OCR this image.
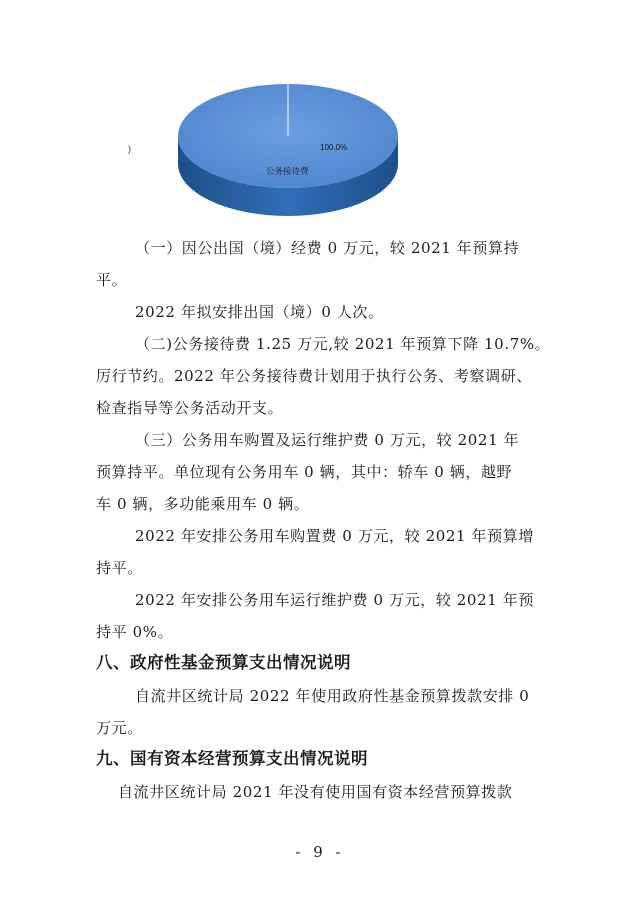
)	100.0%
公务接待费
（一）因公出国（境）经费 0 万元，较 2021 年预算持
平。
2022 年拟安排出国（境）0 人次。
（二)公务接待费 1.25 万元,较 2021 年预算下降 10.7%。
厉行节约。2022 年公务接待费计划用于执行公务、考察调研、
检查指导等公务活动开支。
（三）公务用车购置及运行维护费 0 万元，较 2021 年
预算持平。单位现有公务用车 0 辆，其中：轿车 0 辆，越野
车 0 辆，多功能乘用车 0 辆。
2022 年安排公务用车购置费 0 万元，较 2021 年预算增
持平。
2022 年安排公务用车运行维护费 0 万元，较 2021 年预
持平 0%。
八、政府性基金预算支出情况说明
自流井区统计局 2022 年使用政府性基金预算拨款安排 0
万元。
九、国有资本经营预算支出情况说明
自流井区统计局 2021 年没有使用国有资本经营预算拨款
- 9 -
